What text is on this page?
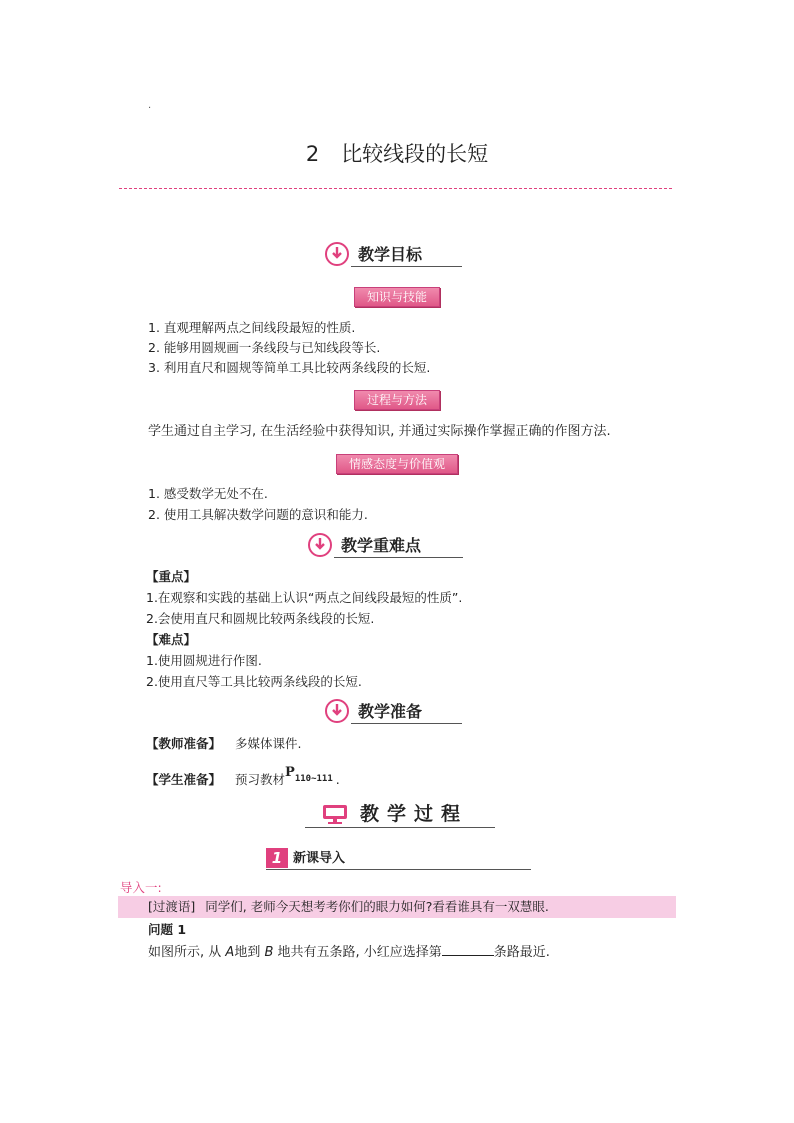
.
2 比较线段的长短
教学目标
知识与技能
1. 直观理解两点之间线段最短的性质.
2. 能够用圆规画一条线段与已知线段等长.
3. 利用直尺和圆规等简单工具比较两条线段的长短.
过程与方法
学生通过自主学习, 在生活经验中获得知识, 并通过实际操作掌握正确的作图方法.
情感态度与价值观
1. 感受数学无处不在.
2. 使用工具解决数学问题的意识和能力.
教学重难点
【重点】
1.在观察和实践的基础上认识“两点之间线段最短的性质”.
2.会使用直尺和圆规比较两条线段的长短.
【难点】
1.使用圆规进行作图.
2.使用直尺等工具比较两条线段的长短.
教学准备
【教师准备】 多媒体课件.
【学生准备】 预习教材$P^{110\sim 111}$ .
教学过程
1 新课导入
导入一:
[过渡语] 同学们, 老师今天想考考你们的眼力如何?看看谁具有一双慧眼.
问题 1
如图所示, 从 A地到 B 地共有五条路, 小红应选择第	条路最近.
